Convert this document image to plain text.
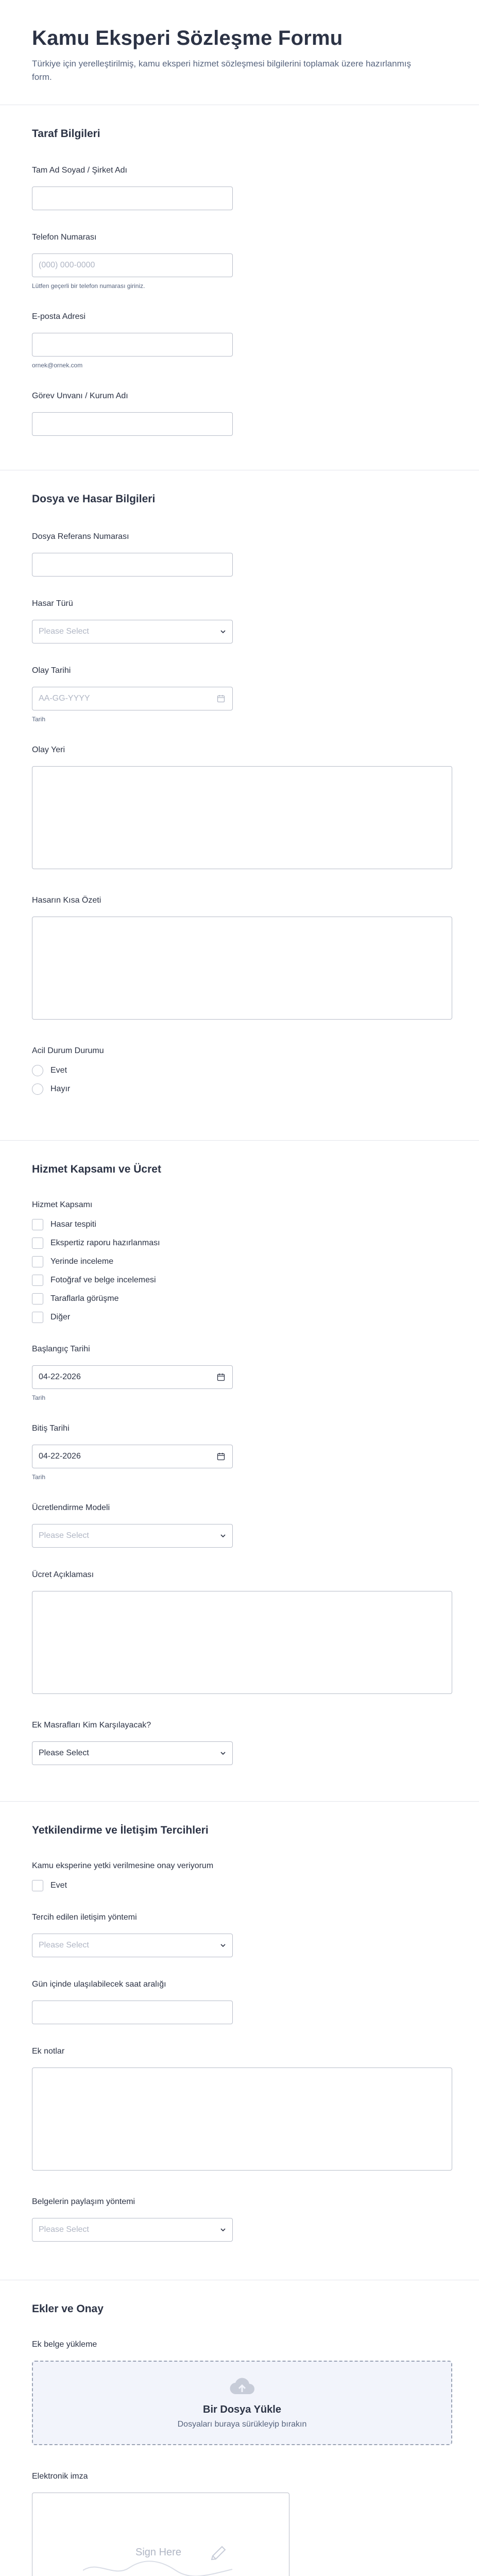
Kamu Eksperi Sözleşme Formu

Türkiye için yerelleştirilmiş, kamu eksperi hizmet sözleşmesi bilgilerini toplamak üzere hazırlanmış form.

Taraf Bilgileri
Tam Ad Soyad / Şirket Adı
Telefon Numarası
(000) 000-0000
Lütfen geçerli bir telefon numarası giriniz.
E-posta Adresi
ornek@ornek.com
Görev Unvanı / Kurum Adı
Dosya ve Hasar Bilgileri
Dosya Referans Numarası
Hasar Türü
Please Select
Olay Tarihi
AA-GG-YYYY
Tarih
Olay Yeri
Hasarın Kısa Özeti
Acil Durum Durumu
Evet
Hayır
Hizmet Kapsamı ve Ücret
Hizmet Kapsamı
Hasar tespiti
Ekspertiz raporu hazırlanması
Yerinde inceleme
Fotoğraf ve belge incelemesi
Taraflarla görüşme
Diğer
Başlangıç Tarihi
04-22-2026
Tarih
Bitiş Tarihi
04-22-2026
Tarih
Ücretlendirme Modeli
Please Select
Ücret Açıklaması
Ek Masrafları Kim Karşılayacak?
Please Select
Yetkilendirme ve İletişim Tercihleri
Kamu eksperine yetki verilmesine onay veriyorum
Evet
Tercih edilen iletişim yöntemi
Please Select
Gün içinde ulaşılabilecek saat aralığı
Ek notlar
Belgelerin paylaşım yöntemi
Please Select
Ekler ve Onay
Ek belge yükleme
Bir Dosya Yükle
Dosyaları buraya sürükleyip bırakın
Elektronik imza
Sign Here
